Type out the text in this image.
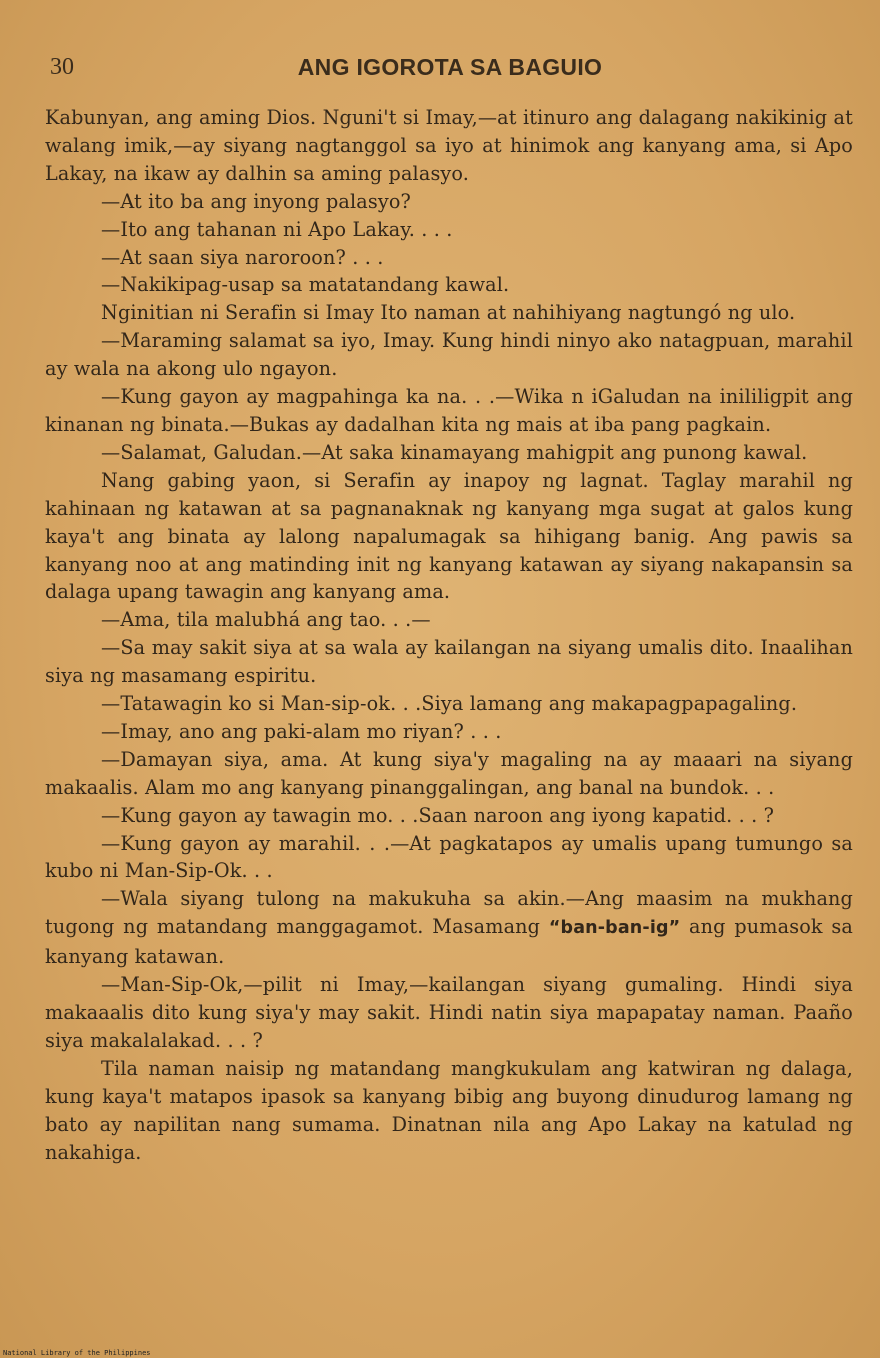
30	ANG IGOROTA SA BAGUIO

Kabunyan, ang aming Dios. Nguni't si Imay,—at itinuro ang dalagang nakikinig at walang imik,—ay siyang nagtanggol sa iyo at hinimok ang kanyang ama, si Apo Lakay, na ikaw ay dalhin sa aming palasyo.

—At ito ba ang inyong palasyo?

—Ito ang tahanan ni Apo Lakay. . . .

—At saan siya naroroon? . . .

—Nakikipag-usap sa matatandang kawal.

Nginitian ni Serafin si Imay Ito naman at nahihiyang nagtungó ng ulo.

—Maraming salamat sa iyo, Imay. Kung hindi ninyo ako natagpuan, marahil ay wala na akong ulo ngayon.

—Kung gayon ay magpahinga ka na. . .—Wika n iGaludan na inililigpit ang kinanan ng binata.—Bukas ay dadalhan kita ng mais at iba pang pagkain.

—Salamat, Galudan.—At saka kinamayang mahigpit ang punong kawal.

Nang gabing yaon, si Serafin ay inapoy ng lagnat. Taglay marahil ng kahinaan ng katawan at sa pagnanaknak ng kanyang mga sugat at galos kung kaya't ang binata ay lalong napalumagak sa hihigang banig. Ang pawis sa kanyang noo at ang matinding init ng kanyang katawan ay siyang nakapansin sa dalaga upang tawagin ang kanyang ama.

—Ama, tila malubhá ang tao. . .—

—Sa may sakit siya at sa wala ay kailangan na siyang umalis dito. Inaalihan siya ng masamang espiritu.

—Tatawagin ko si Man-sip-ok. . .Siya lamang ang makapagpapagaling.

—Imay, ano ang paki-alam mo riyan? . . .

—Damayan siya, ama. At kung siya'y magaling na ay maaari na siyang makaalis. Alam mo ang kanyang pinanggalingan, ang banal na bundok. . .

—Kung gayon ay tawagin mo. . .Saan naroon ang iyong kapatid. . . ?

—Kung gayon ay marahil. . .—At pagkatapos ay umalis upang tumungo sa kubo ni Man-Sip-Ok. . .

—Wala siyang tulong na makukuha sa akin.—Ang maasim na mukhang tugong ng matandang manggagamot. Masamang “ban-ban-ig” ang pumasok sa kanyang katawan.

—Man-Sip-Ok,—pilit ni Imay,—kailangan siyang gumaling. Hindi siya makaaalis dito kung siya'y may sakit. Hindi natin siya mapapatay naman. Paaño siya makalalakad. . . ?

Tila naman naisip ng matandang mangkukulam ang katwiran ng dalaga, kung kaya't matapos ipasok sa kanyang bibig ang buyong dinudurog lamang ng bato ay napilitan nang sumama. Dinatnan nila ang Apo Lakay na katulad ng nakahiga.

National Library of the Philippines
